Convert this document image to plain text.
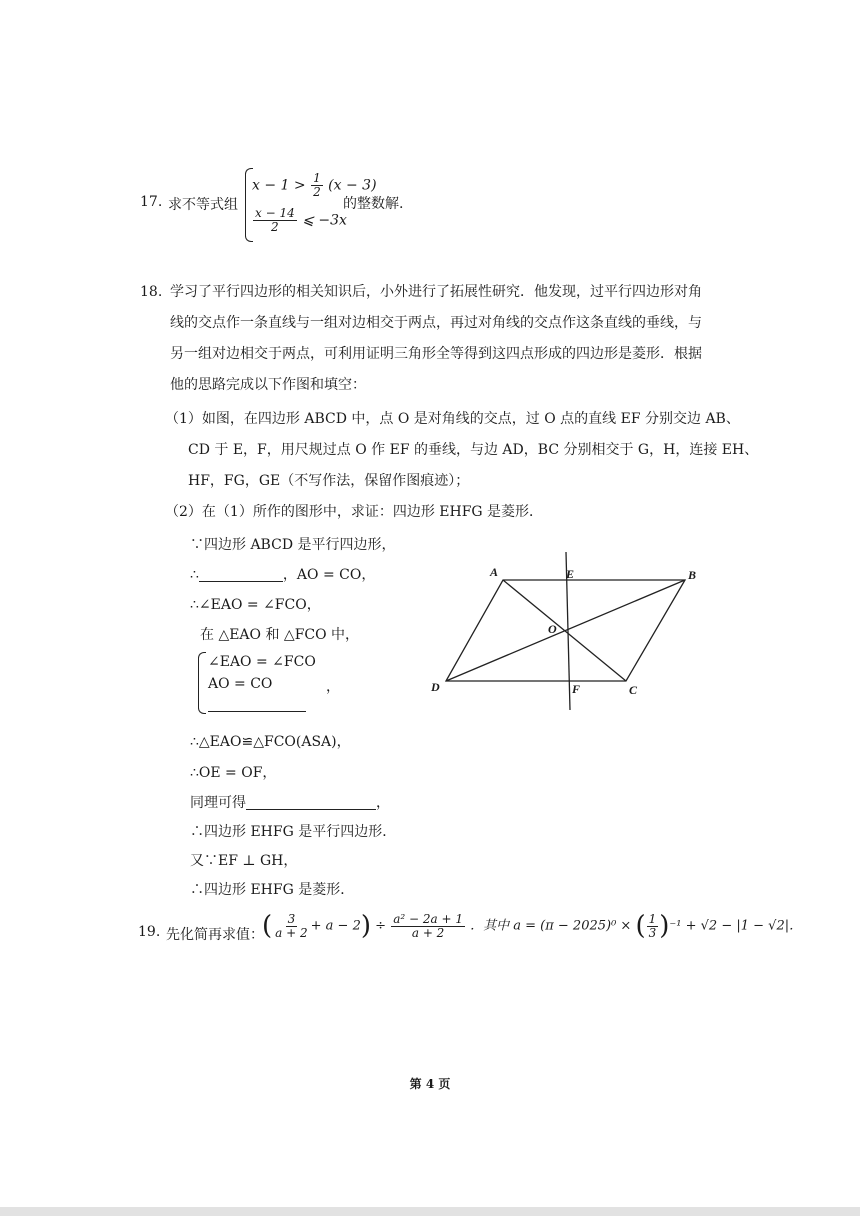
17. 求不等式组
$x - 1 > \frac{1}{2} (x - 3)$
$\frac{x - 14}{2}$ ⩽ −3x
的整数解.
18. 学习了平行四边形的相关知识后，小外进行了拓展性研究．他发现，过平行四边形对角
线的交点作一条直线与一组对边相交于两点，再过对角线的交点作这条直线的垂线，与
另一组对边相交于两点，可利用证明三角形全等得到这四点形成的四边形是菱形．根据
他的思路完成以下作图和填空：
（1）如图，在四边形 ABCD 中，点 O 是对角线的交点，过 O 点的直线 EF 分别交边 AB、
CD 于 E，F，用尺规过点 O 作 EF 的垂线，与边 AD，BC 分别相交于 G，H，连接 EH、
HF，FG，GE（不写作法，保留作图痕迹）；
（2）在（1）所作的图形中，求证：四边形 EHFG 是菱形．
∵四边形 ABCD 是平行四边形，
∴	，AO = CO，
∴∠EAO = ∠FCO，
在 △EAO 和 △FCO 中，
∠EAO = ∠FCO
AO = CO	，
∴△EAO≌△FCO(ASA)，
∴OE = OF，
同理可得	，
∴四边形 EHFG 是平行四边形．
又∵EF ⊥ GH，
∴四边形 EHFG 是菱形．
A	B
C
D
E
F
O
19. 先化简再求值：
( $\frac{3}{a + 2} + a - 2) \div \frac{\text{a² − 2a + 1}}{a + 2}$ ．其中 a = (π − 2025)⁰ × ( $\frac{1}{3} )^{-1} + √2 - |1 - √2|$．
第 4 页
